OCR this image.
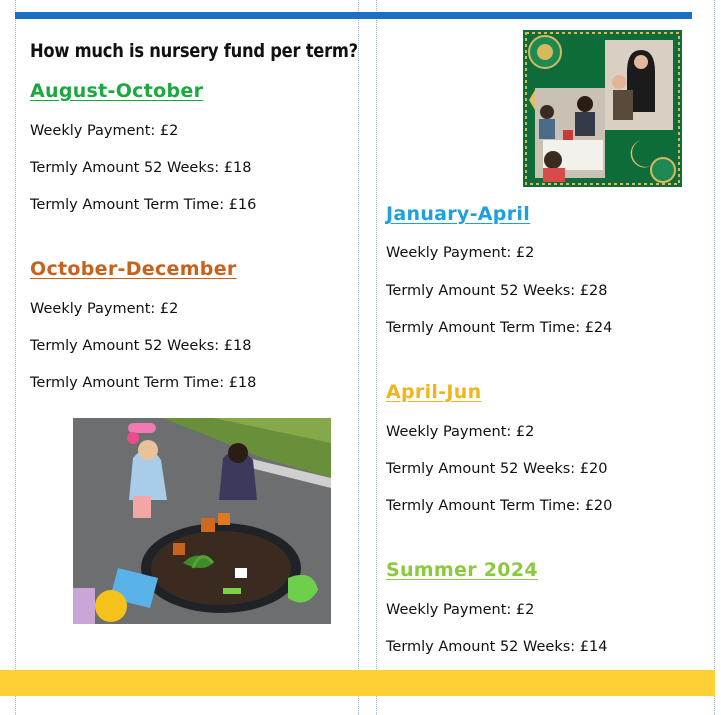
How much is nursery fund per term?
August-October

Weekly Payment: £2

Termly Amount 52 Weeks: £18

Termly Amount Term Time: £16

October-December

Weekly Payment: £2

Termly Amount 52 Weeks: £18

Termly Amount Term Time: £18

January-April

Weekly Payment: £2

Termly Amount 52 Weeks: £28

Termly Amount Term Time: £24

April-Jun

Weekly Payment: £2

Termly Amount 52 Weeks: £20

Termly Amount Term Time: £20

Summer 2024

Weekly Payment: £2

Termly Amount 52 Weeks: £14
